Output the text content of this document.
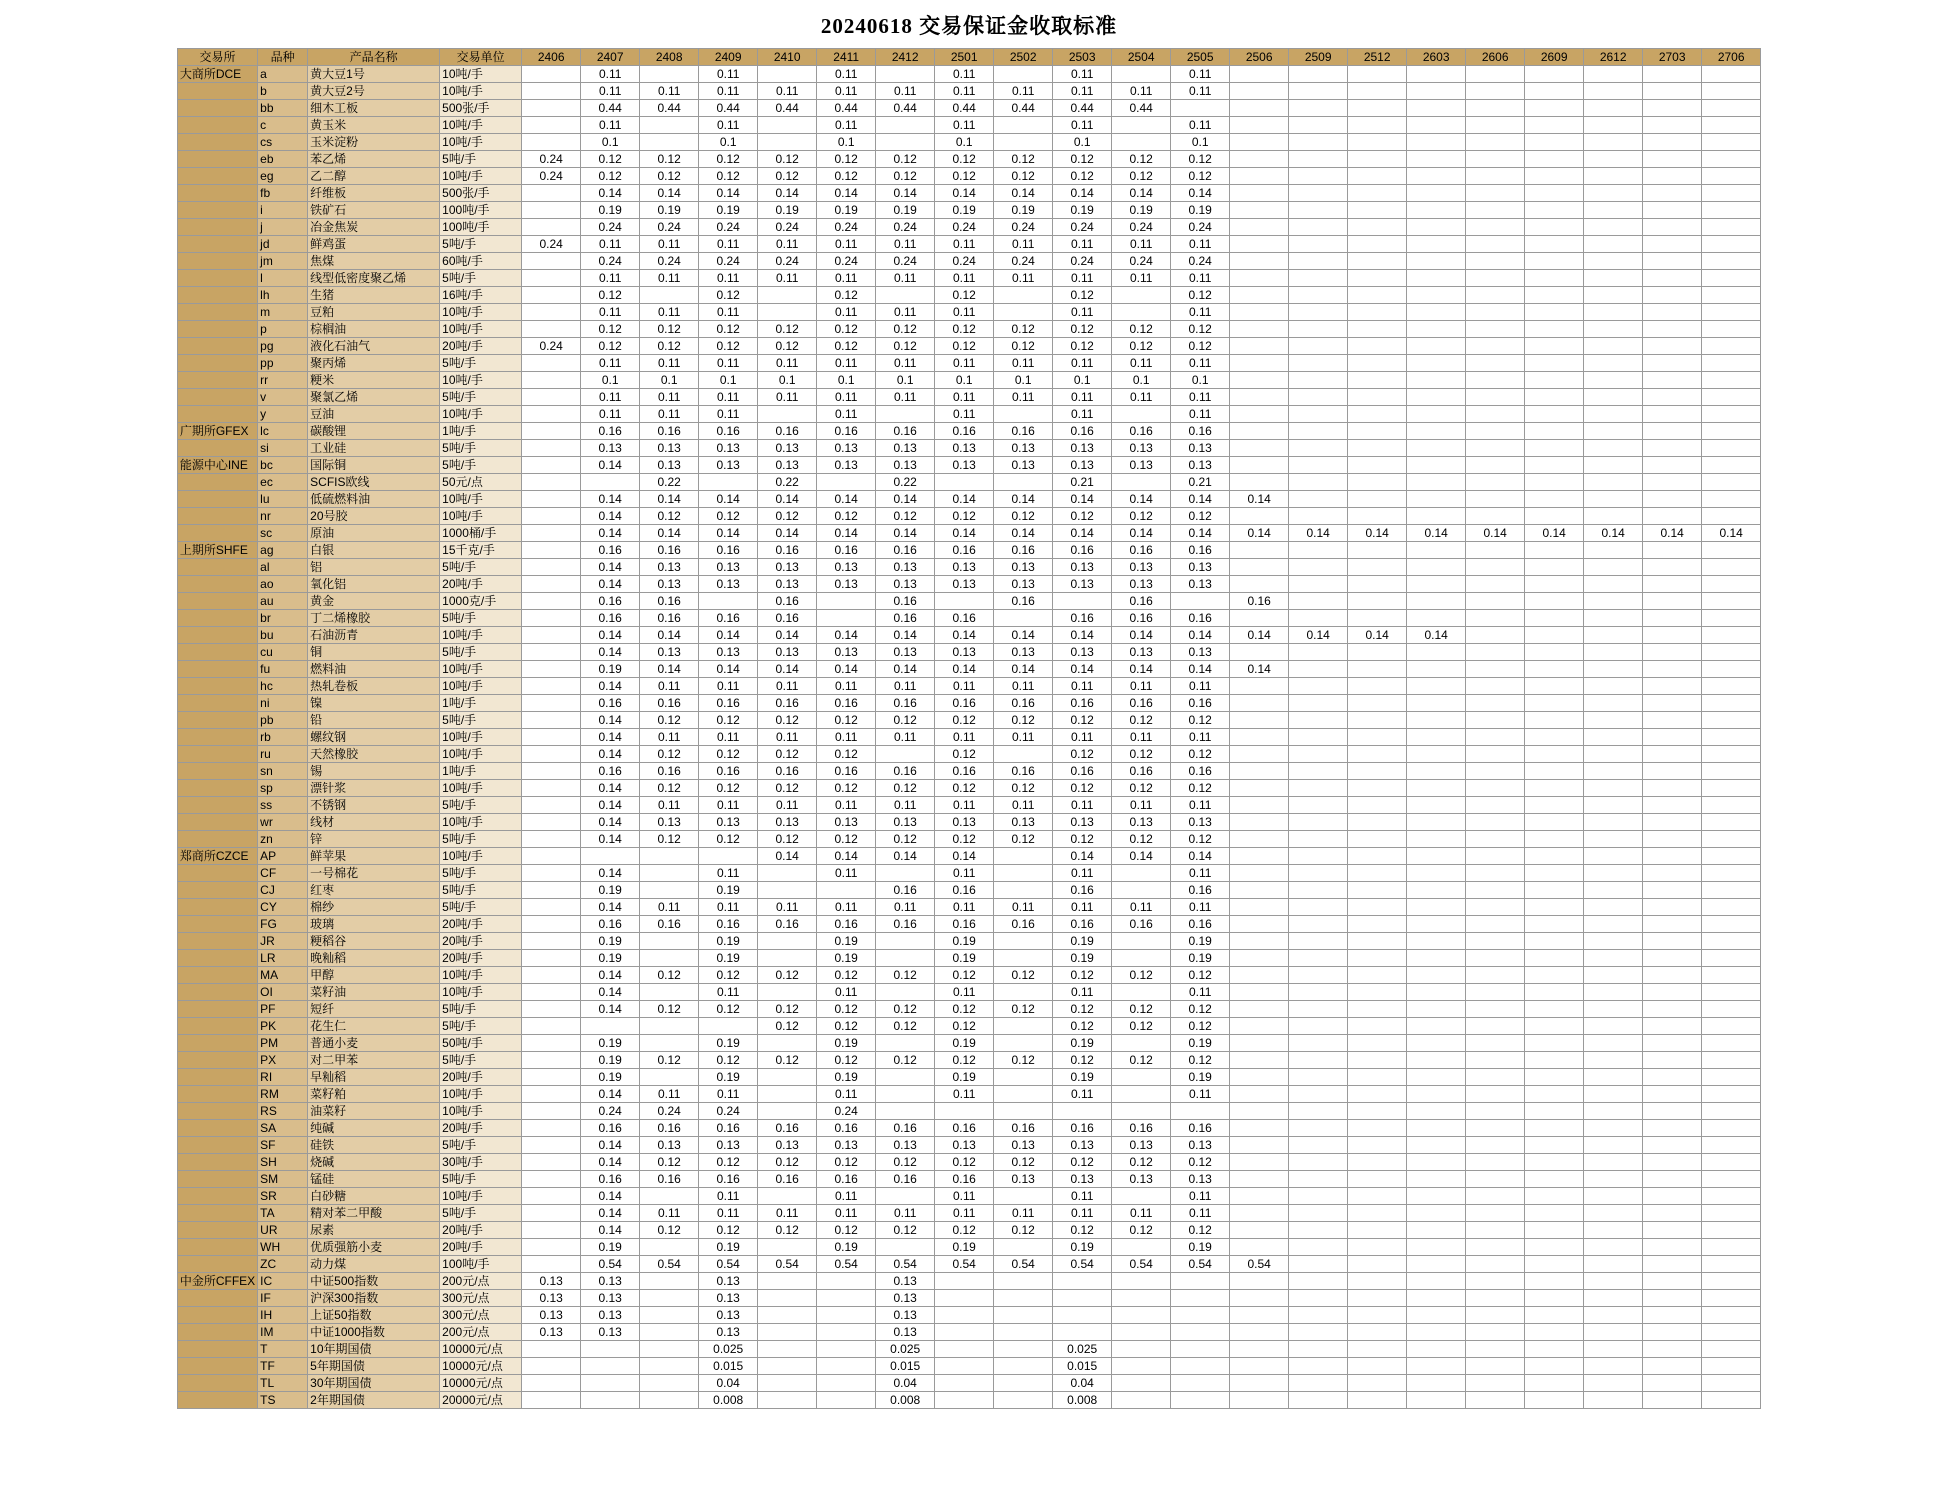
20240618 交易保证金收取标准
交易所	品种	产品名称	交易单位	2406	2407	2408	2409	2410	2411	2412	2501	2502	2503	2504	2505	2506	2509	2512	2603	2606	2609	2612	2703	2706
大商所DCE	a	黄大豆1号	10吨/手		0.11		0.11		0.11		0.11		0.11		0.11									
	b	黄大豆2号	10吨/手		0.11	0.11	0.11	0.11	0.11	0.11	0.11	0.11	0.11	0.11	0.11									
	bb	细木工板	500张/手		0.44	0.44	0.44	0.44	0.44	0.44	0.44	0.44	0.44	0.44										
	c	黄玉米	10吨/手		0.11		0.11		0.11		0.11		0.11		0.11									
	cs	玉米淀粉	10吨/手		0.1		0.1		0.1		0.1		0.1		0.1									
	eb	苯乙烯	5吨/手	0.24	0.12	0.12	0.12	0.12	0.12	0.12	0.12	0.12	0.12	0.12	0.12									
	eg	乙二醇	10吨/手	0.24	0.12	0.12	0.12	0.12	0.12	0.12	0.12	0.12	0.12	0.12	0.12									
	fb	纤维板	500张/手		0.14	0.14	0.14	0.14	0.14	0.14	0.14	0.14	0.14	0.14	0.14									
	i	铁矿石	100吨/手		0.19	0.19	0.19	0.19	0.19	0.19	0.19	0.19	0.19	0.19	0.19									
	j	冶金焦炭	100吨/手		0.24	0.24	0.24	0.24	0.24	0.24	0.24	0.24	0.24	0.24	0.24									
	jd	鲜鸡蛋	5吨/手	0.24	0.11	0.11	0.11	0.11	0.11	0.11	0.11	0.11	0.11	0.11	0.11									
	jm	焦煤	60吨/手		0.24	0.24	0.24	0.24	0.24	0.24	0.24	0.24	0.24	0.24	0.24									
	l	线型低密度聚乙烯	5吨/手		0.11	0.11	0.11	0.11	0.11	0.11	0.11	0.11	0.11	0.11	0.11									
	lh	生猪	16吨/手		0.12		0.12		0.12		0.12		0.12		0.12									
	m	豆粕	10吨/手		0.11	0.11	0.11		0.11	0.11	0.11		0.11		0.11									
	p	棕榈油	10吨/手		0.12	0.12	0.12	0.12	0.12	0.12	0.12	0.12	0.12	0.12	0.12									
	pg	液化石油气	20吨/手	0.24	0.12	0.12	0.12	0.12	0.12	0.12	0.12	0.12	0.12	0.12	0.12									
	pp	聚丙烯	5吨/手		0.11	0.11	0.11	0.11	0.11	0.11	0.11	0.11	0.11	0.11	0.11									
	rr	粳米	10吨/手		0.1	0.1	0.1	0.1	0.1	0.1	0.1	0.1	0.1	0.1	0.1									
	v	聚氯乙烯	5吨/手		0.11	0.11	0.11	0.11	0.11	0.11	0.11	0.11	0.11	0.11	0.11									
	y	豆油	10吨/手		0.11	0.11	0.11		0.11		0.11		0.11		0.11									
广期所GFEX	lc	碳酸锂	1吨/手		0.16	0.16	0.16	0.16	0.16	0.16	0.16	0.16	0.16	0.16	0.16									
	si	工业硅	5吨/手		0.13	0.13	0.13	0.13	0.13	0.13	0.13	0.13	0.13	0.13	0.13									
能源中心INE	bc	国际铜	5吨/手		0.14	0.13	0.13	0.13	0.13	0.13	0.13	0.13	0.13	0.13	0.13									
	ec	SCFIS欧线	50元/点			0.22		0.22		0.22			0.21		0.21									
	lu	低硫燃料油	10吨/手		0.14	0.14	0.14	0.14	0.14	0.14	0.14	0.14	0.14	0.14	0.14	0.14								
	nr	20号胶	10吨/手		0.14	0.12	0.12	0.12	0.12	0.12	0.12	0.12	0.12	0.12	0.12									
	sc	原油	1000桶/手		0.14	0.14	0.14	0.14	0.14	0.14	0.14	0.14	0.14	0.14	0.14	0.14	0.14	0.14	0.14	0.14	0.14	0.14	0.14	0.14
上期所SHFE	ag	白银	15千克/手		0.16	0.16	0.16	0.16	0.16	0.16	0.16	0.16	0.16	0.16	0.16									
	al	铝	5吨/手		0.14	0.13	0.13	0.13	0.13	0.13	0.13	0.13	0.13	0.13	0.13									
	ao	氧化铝	20吨/手		0.14	0.13	0.13	0.13	0.13	0.13	0.13	0.13	0.13	0.13	0.13									
	au	黄金	1000克/手		0.16	0.16		0.16		0.16		0.16		0.16		0.16								
	br	丁二烯橡胶	5吨/手		0.16	0.16	0.16	0.16		0.16	0.16		0.16	0.16	0.16									
	bu	石油沥青	10吨/手		0.14	0.14	0.14	0.14	0.14	0.14	0.14	0.14	0.14	0.14	0.14	0.14	0.14	0.14	0.14					
	cu	铜	5吨/手		0.14	0.13	0.13	0.13	0.13	0.13	0.13	0.13	0.13	0.13	0.13									
	fu	燃料油	10吨/手		0.19	0.14	0.14	0.14	0.14	0.14	0.14	0.14	0.14	0.14	0.14	0.14								
	hc	热轧卷板	10吨/手		0.14	0.11	0.11	0.11	0.11	0.11	0.11	0.11	0.11	0.11	0.11									
	ni	镍	1吨/手		0.16	0.16	0.16	0.16	0.16	0.16	0.16	0.16	0.16	0.16	0.16									
	pb	铅	5吨/手		0.14	0.12	0.12	0.12	0.12	0.12	0.12	0.12	0.12	0.12	0.12									
	rb	螺纹钢	10吨/手		0.14	0.11	0.11	0.11	0.11	0.11	0.11	0.11	0.11	0.11	0.11									
	ru	天然橡胶	10吨/手		0.14	0.12	0.12	0.12	0.12		0.12		0.12	0.12	0.12									
	sn	锡	1吨/手		0.16	0.16	0.16	0.16	0.16	0.16	0.16	0.16	0.16	0.16	0.16									
	sp	漂针浆	10吨/手		0.14	0.12	0.12	0.12	0.12	0.12	0.12	0.12	0.12	0.12	0.12									
	ss	不锈钢	5吨/手		0.14	0.11	0.11	0.11	0.11	0.11	0.11	0.11	0.11	0.11	0.11									
	wr	线材	10吨/手		0.14	0.13	0.13	0.13	0.13	0.13	0.13	0.13	0.13	0.13	0.13									
	zn	锌	5吨/手		0.14	0.12	0.12	0.12	0.12	0.12	0.12	0.12	0.12	0.12	0.12									
郑商所CZCE	AP	鲜苹果	10吨/手					0.14	0.14	0.14	0.14		0.14	0.14	0.14									
	CF	一号棉花	5吨/手		0.14		0.11		0.11		0.11		0.11		0.11									
	CJ	红枣	5吨/手		0.19		0.19			0.16	0.16		0.16		0.16									
	CY	棉纱	5吨/手		0.14	0.11	0.11	0.11	0.11	0.11	0.11	0.11	0.11	0.11	0.11									
	FG	玻璃	20吨/手		0.16	0.16	0.16	0.16	0.16	0.16	0.16	0.16	0.16	0.16	0.16									
	JR	粳稻谷	20吨/手		0.19		0.19		0.19		0.19		0.19		0.19									
	LR	晚籼稻	20吨/手		0.19		0.19		0.19		0.19		0.19		0.19									
	MA	甲醇	10吨/手		0.14	0.12	0.12	0.12	0.12	0.12	0.12	0.12	0.12	0.12	0.12									
	OI	菜籽油	10吨/手		0.14		0.11		0.11		0.11		0.11		0.11									
	PF	短纤	5吨/手		0.14	0.12	0.12	0.12	0.12	0.12	0.12	0.12	0.12	0.12	0.12									
	PK	花生仁	5吨/手					0.12	0.12	0.12	0.12		0.12	0.12	0.12									
	PM	普通小麦	50吨/手		0.19		0.19		0.19		0.19		0.19		0.19									
	PX	对二甲苯	5吨/手		0.19	0.12	0.12	0.12	0.12	0.12	0.12	0.12	0.12	0.12	0.12									
	RI	早籼稻	20吨/手		0.19		0.19		0.19		0.19		0.19		0.19									
	RM	菜籽粕	10吨/手		0.14	0.11	0.11		0.11		0.11		0.11		0.11									
	RS	油菜籽	10吨/手		0.24	0.24	0.24		0.24															
	SA	纯碱	20吨/手		0.16	0.16	0.16	0.16	0.16	0.16	0.16	0.16	0.16	0.16	0.16									
	SF	硅铁	5吨/手		0.14	0.13	0.13	0.13	0.13	0.13	0.13	0.13	0.13	0.13	0.13									
	SH	烧碱	30吨/手		0.14	0.12	0.12	0.12	0.12	0.12	0.12	0.12	0.12	0.12	0.12									
	SM	锰硅	5吨/手		0.16	0.16	0.16	0.16	0.16	0.16	0.16	0.13	0.13	0.13	0.13									
	SR	白砂糖	10吨/手		0.14		0.11		0.11		0.11		0.11		0.11									
	TA	精对苯二甲酸	5吨/手		0.14	0.11	0.11	0.11	0.11	0.11	0.11	0.11	0.11	0.11	0.11									
	UR	尿素	20吨/手		0.14	0.12	0.12	0.12	0.12	0.12	0.12	0.12	0.12	0.12	0.12									
	WH	优质强筋小麦	20吨/手		0.19		0.19		0.19		0.19		0.19		0.19									
	ZC	动力煤	100吨/手		0.54	0.54	0.54	0.54	0.54	0.54	0.54	0.54	0.54	0.54	0.54	0.54								
中金所CFFEX	IC	中证500指数	200元/点	0.13	0.13		0.13			0.13														
	IF	沪深300指数	300元/点	0.13	0.13		0.13			0.13														
	IH	上证50指数	300元/点	0.13	0.13		0.13			0.13														
	IM	中证1000指数	200元/点	0.13	0.13		0.13			0.13														
	T	10年期国债	10000元/点				0.025			0.025			0.025											
	TF	5年期国债	10000元/点				0.015			0.015			0.015											
	TL	30年期国债	10000元/点				0.04			0.04			0.04											
	TS	2年期国债	20000元/点				0.008			0.008			0.008											
